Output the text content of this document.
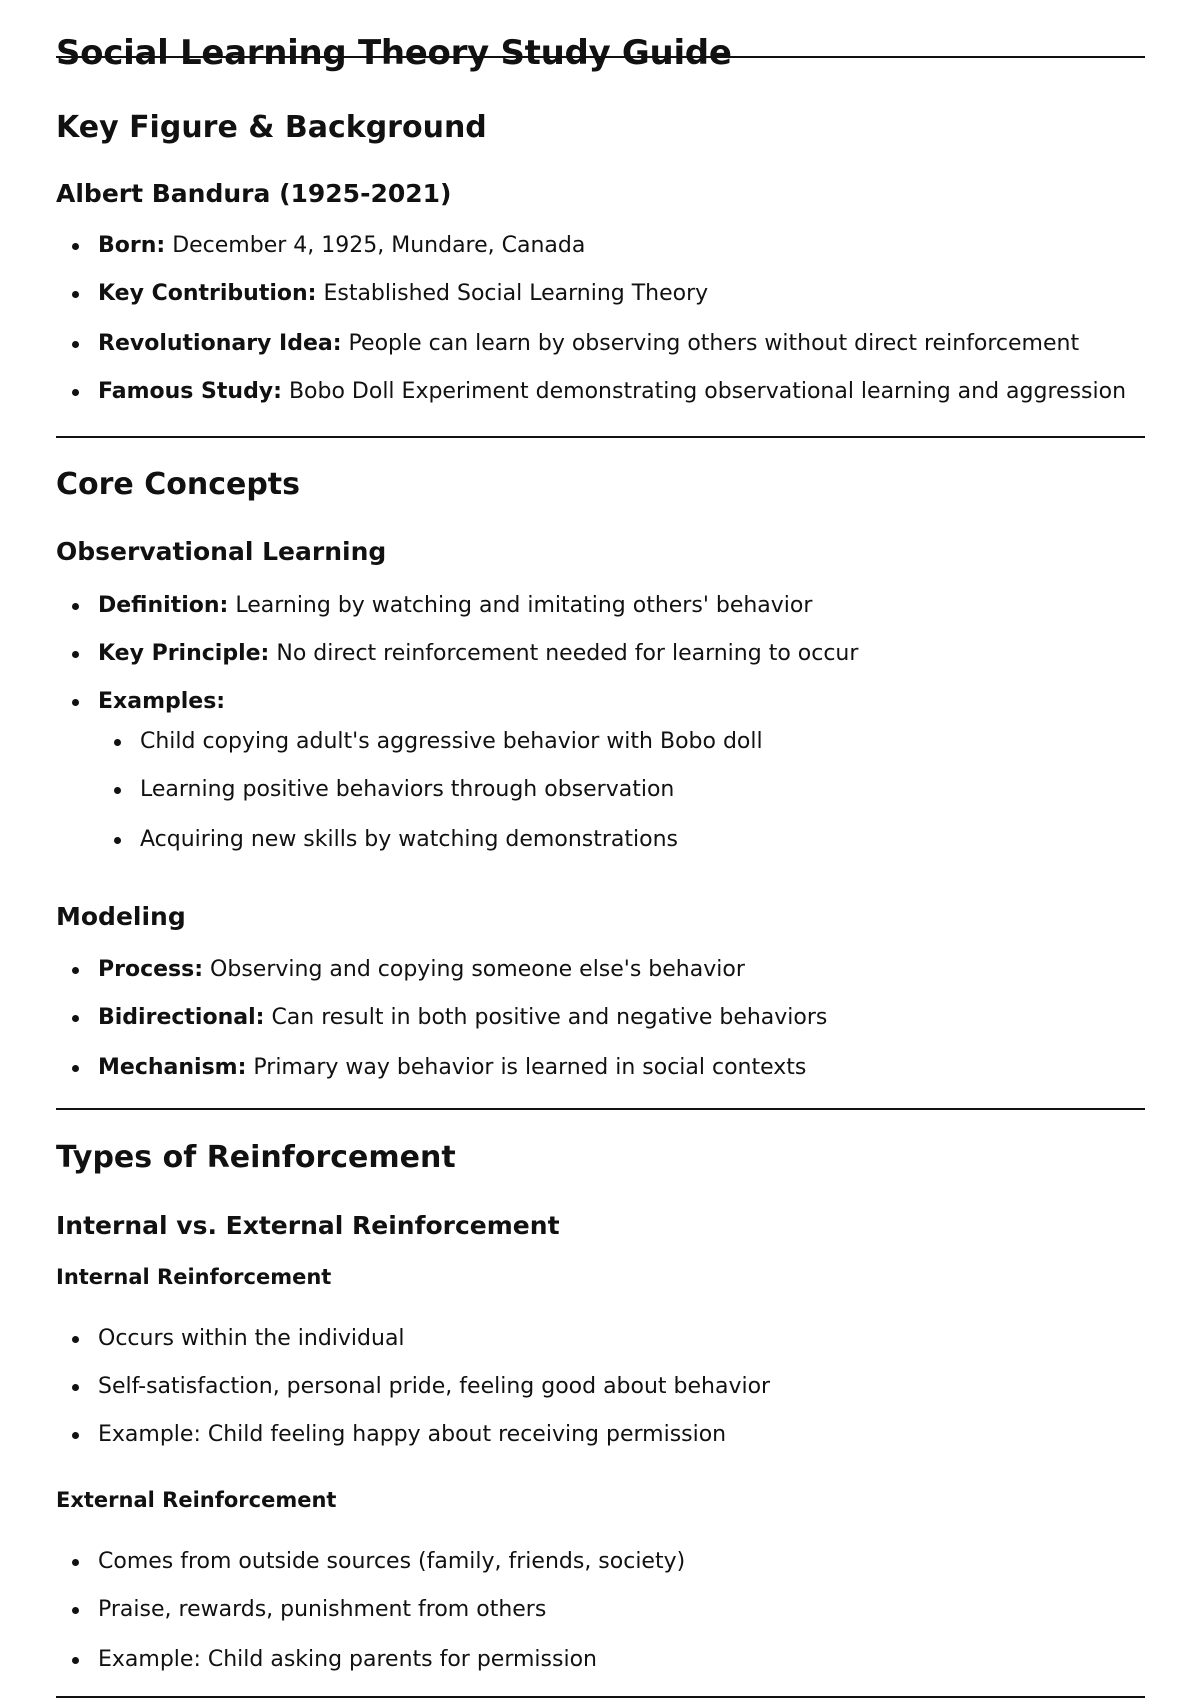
Social Learning Theory Study Guide
Key Figure & Background
Albert Bandura (1925-2021)
Born: December 4, 1925, Mundare, Canada
Key Contribution: Established Social Learning Theory
Revolutionary Idea: People can learn by observing others without direct reinforcement
Famous Study: Bobo Doll Experiment demonstrating observational learning and aggression
Core Concepts
Observational Learning
Definition: Learning by watching and imitating others' behavior
Key Principle: No direct reinforcement needed for learning to occur
Examples:
Child copying adult's aggressive behavior with Bobo doll
Learning positive behaviors through observation
Acquiring new skills by watching demonstrations
Modeling
Process: Observing and copying someone else's behavior
Bidirectional: Can result in both positive and negative behaviors
Mechanism: Primary way behavior is learned in social contexts
Types of Reinforcement
Internal vs. External Reinforcement
Internal Reinforcement
Occurs within the individual
Self-satisfaction, personal pride, feeling good about behavior
Example: Child feeling happy about receiving permission
External Reinforcement
Comes from outside sources (family, friends, society)
Praise, rewards, punishment from others
Example: Child asking parents for permission
